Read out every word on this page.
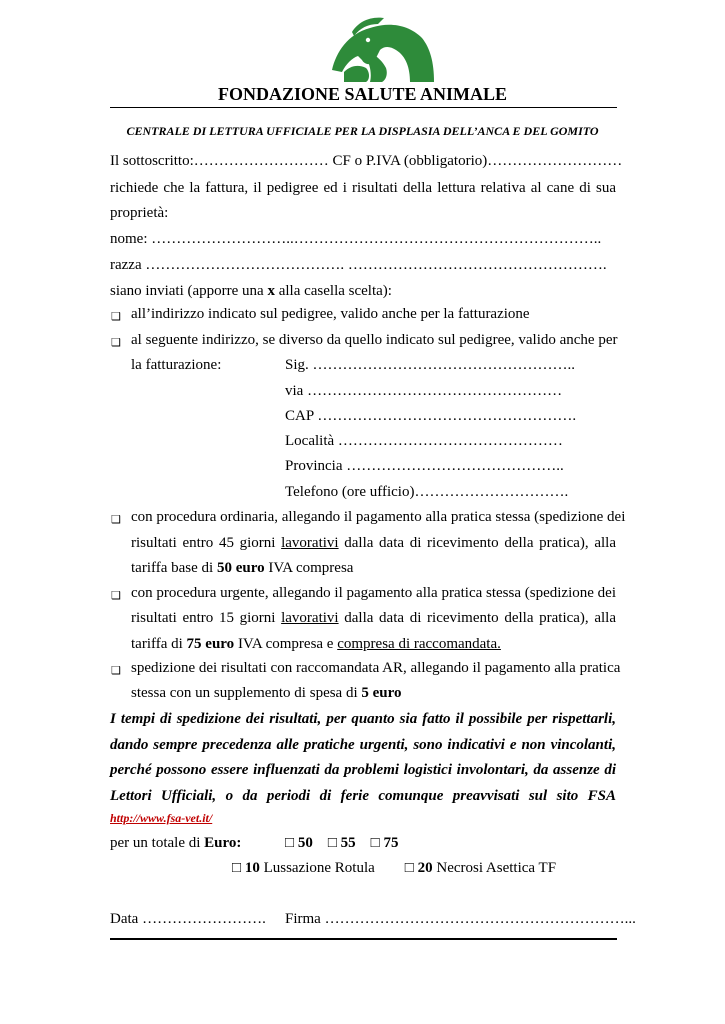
FONDAZIONE SALUTE ANIMALE
CENTRALE DI LETTURA UFFICIALE PER LA DISPLASIA DELL’ANCA E DEL GOMITO
Il sottoscritto:……………………… CF o P.IVA (obbligatorio)………………………
richiede che la fattura, il pedigree ed i risultati della lettura relativa al cane di sua
proprietà:
nome: ………………………..……………………………………………………..
razza …………………………………. …………………………………………….
siano inviati (apporre una x alla casella scelta):
❑ all’indirizzo indicato sul pedigree, valido anche per la fatturazione
❑ al seguente indirizzo, se diverso da quello indicato sul pedigree, valido anche per
la fatturazione:	Sig. ……………………………………………..
via ……………………………………………
CAP …………………………………………….
Località ………………………………………
Provincia ……………………………………..
Telefono (ore ufficio)………………………….
❑ con procedura ordinaria, allegando il pagamento alla pratica stessa (spedizione dei
risultati entro 45 giorni lavorativi dalla data di ricevimento della pratica), alla
tariffa base di 50 euro IVA compresa
❑ con procedura urgente, allegando il pagamento alla pratica stessa (spedizione dei
risultati entro 15 giorni lavorativi dalla data di ricevimento della pratica), alla
tariffa di 75 euro IVA compresa e compresa di raccomandata.
❑ spedizione dei risultati con raccomandata AR, allegando il pagamento alla pratica
stessa con un supplemento di spesa di 5 euro
I tempi di spedizione dei risultati, per quanto sia fatto il possibile per rispettarli,
dando sempre precedenza alle pratiche urgenti, sono indicativi e non vincolanti,
perché possono essere influenzati da problemi logistici involontari, da assenze di
Lettori Ufficiali, o da periodi di ferie comunque preavvisati sul sito FSA
http://www.fsa-vet.it/
per un totale di Euro:	□ 50 □ 55 □ 75
□ 10 Lussazione Rotula □ 20 Necrosi Asettica TF
Data …………………….	Firma ……………………………………………………...
